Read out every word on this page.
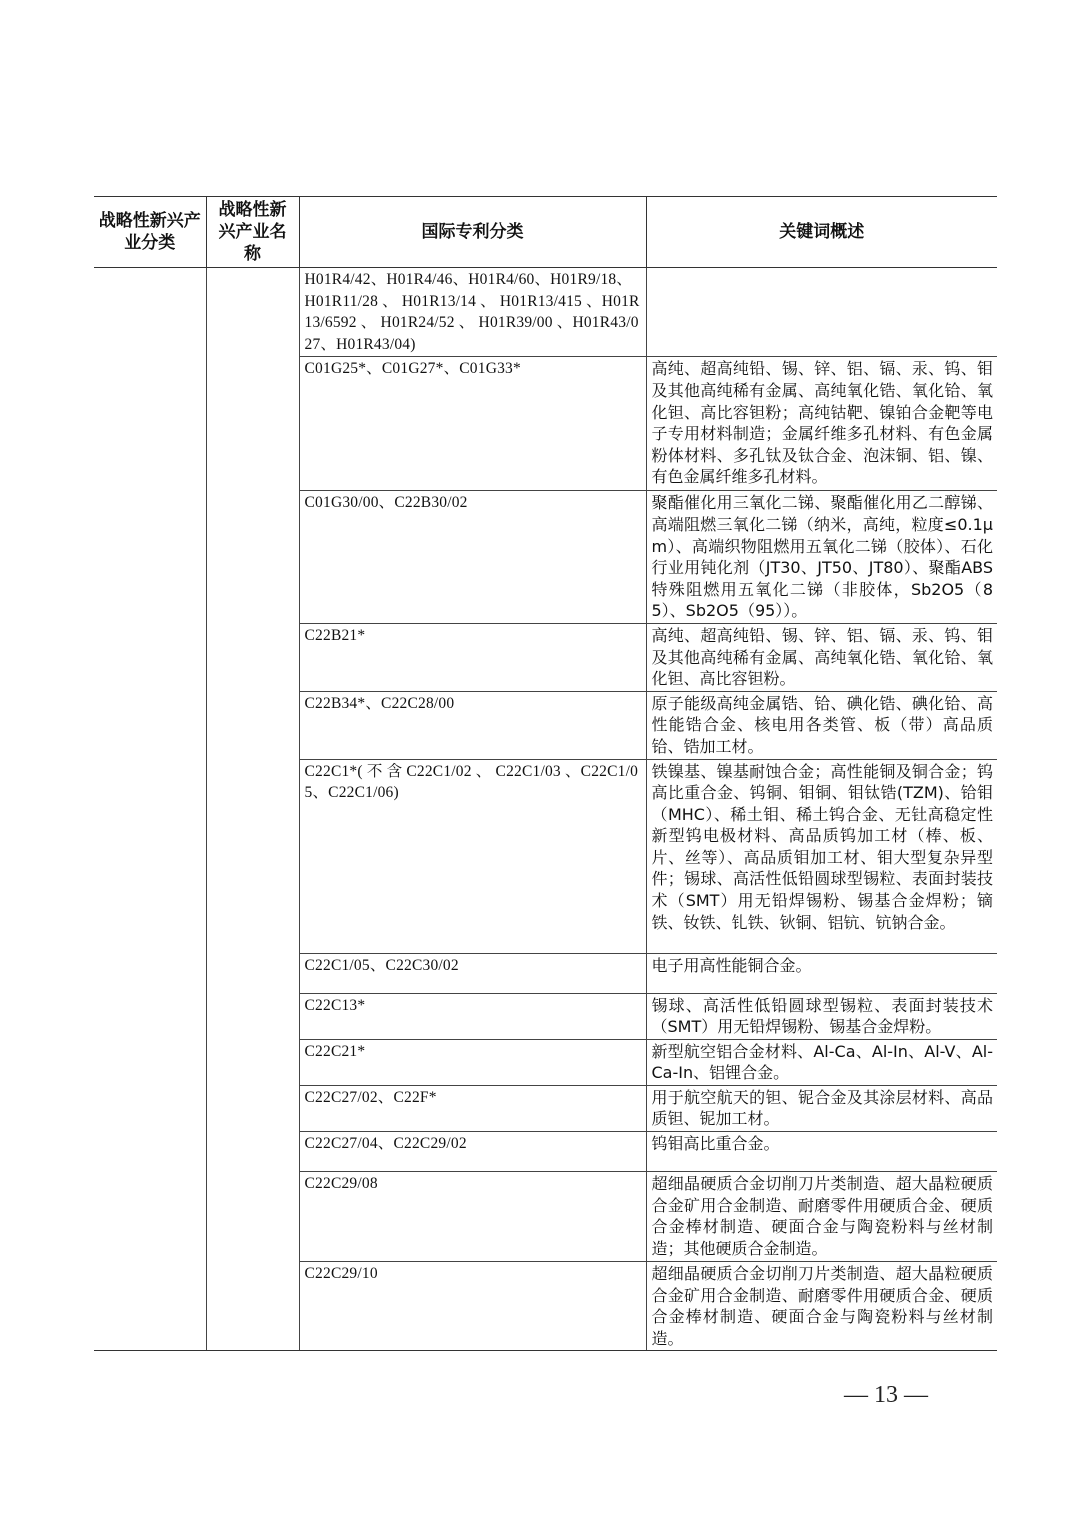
战略性新兴产业分类	战略性新兴产业名称	国际专利分类	关键词概述
		H01R4/42、H01R4/46、H01R4/60、H01R9/18、H01R11/28 、 H01R13/14 、 H01R13/415 、H01R13/6592 、 H01R24/52 、 H01R39/00 、H01R43/027、H01R43/04)	
		C01G25*、C01G27*、C01G33*	高纯、超高纯铅、锡、锌、铝、镉、汞、钨、钼及其他高纯稀有金属、高纯氧化锆、氧化铪、氧化钽、高比容钽粉；高纯钴靶、镍铂合金靶等电子专用材料制造；金属纤维多孔材料、有色金属粉体材料、多孔钛及钛合金、泡沫铜、铝、镍、有色金属纤维多孔材料。
		C01G30/00、C22B30/02	聚酯催化用三氧化二锑、聚酯催化用乙二醇锑、高端阻燃三氧化二锑（纳米，高纯，粒度≤0.1μm）、高端织物阻燃用五氧化二锑（胶体）、石化行业用钝化剂（JT30、JT50、JT80）、聚酯ABS特殊阻燃用五氧化二锑（非胶体，Sb2O5（85）、Sb2O5（95））。
		C22B21*	高纯、超高纯铅、锡、锌、铝、镉、汞、钨、钼及其他高纯稀有金属、高纯氧化锆、氧化铪、氧化钽、高比容钽粉。
		C22B34*、C22C28/00	原子能级高纯金属锆、铪、碘化锆、碘化铪、高性能锆合金、核电用各类管、板（带）高品质铪、锆加工材。
		C22C1*( 不 含 C22C1/02 、 C22C1/03 、C22C1/05、C22C1/06)	铁镍基、镍基耐蚀合金；高性能铜及铜合金；钨高比重合金、钨铜、钼铜、钼钛锆(TZM)、铪钼（MHC）、稀土钼、稀土钨合金、无钍高稳定性新型钨电极材料、高品质钨加工材（棒、板、片、丝等）、高品质钼加工材、钼大型复杂异型件；锡球、高活性低铅圆球型锡粒、表面封装技术（SMT）用无铅焊锡粉、锡基合金焊粉；镝铁、钕铁、钆铁、钬铜、铝钪、钪钠合金。
		C22C1/05、C22C30/02	电子用高性能铜合金。
		C22C13*	锡球、高活性低铅圆球型锡粒、表面封装技术（SMT）用无铅焊锡粉、锡基合金焊粉。
		C22C21*	新型航空铝合金材料、Al-Ca、Al-In、Al-V、Al-Ca-In、铝锂合金。
		C22C27/02、C22F*	用于航空航天的钽、铌合金及其涂层材料、高品质钽、铌加工材。
		C22C27/04、C22C29/02	钨钼高比重合金。
		C22C29/08	超细晶硬质合金切削刀片类制造、超大晶粒硬质合金矿用合金制造、耐磨零件用硬质合金、硬质合金棒材制造、硬面合金与陶瓷粉料与丝材制造；其他硬质合金制造。
		C22C29/10	超细晶硬质合金切削刀片类制造、超大晶粒硬质合金矿用合金制造、耐磨零件用硬质合金、硬质合金棒材制造、硬面合金与陶瓷粉料与丝材制造。
— 13 —
